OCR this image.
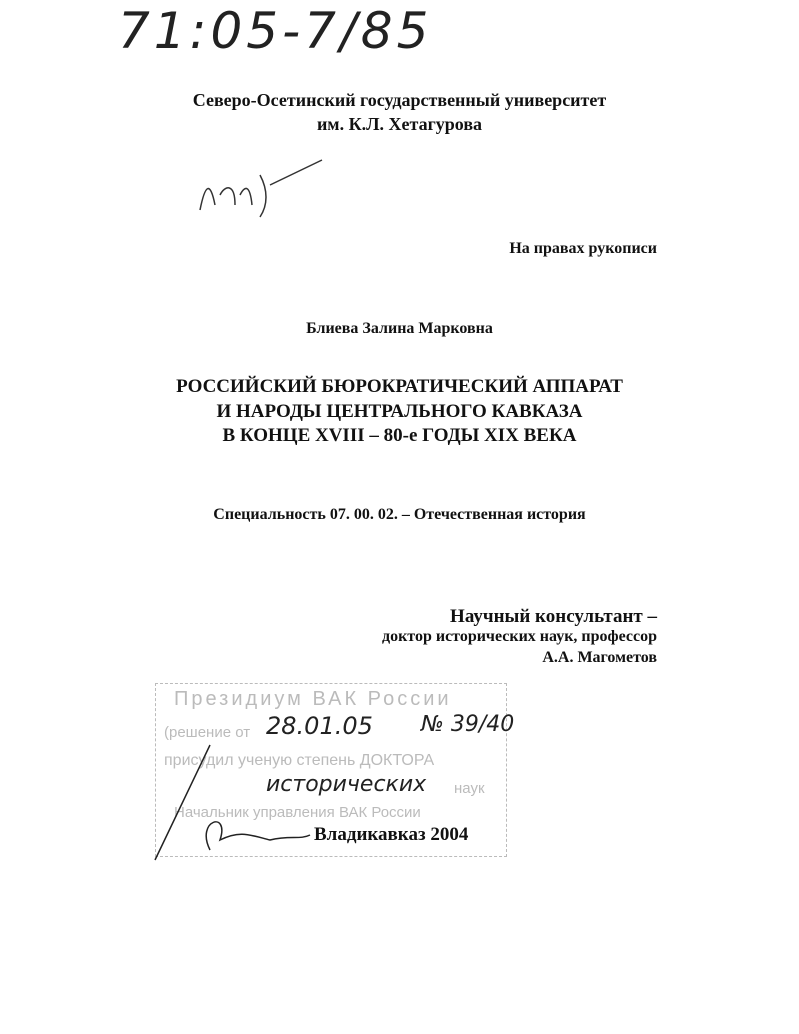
71:05-7/85
Северо-Осетинский государственный университет
им. К.Л. Хетагурова
На правах рукописи
Блиева Залина Марковна
РОССИЙСКИЙ БЮРОКРАТИЧЕСКИЙ АППАРАТ
И НАРОДЫ ЦЕНТРАЛЬНОГО КАВКАЗА
В КОНЦЕ XVIII – 80-е ГОДЫ XIX ВЕКА
Специальность 07. 00. 02. – Отечественная история
Научный консультант –
доктор исторических наук, профессор
А.А. Магометов
Президиум ВАК России
(решение от 28.01.05 № 39/40
присудил ученую степень ДОКТОРА
исторических наук
Начальник управления ВАК России
Владикавказ 2004
